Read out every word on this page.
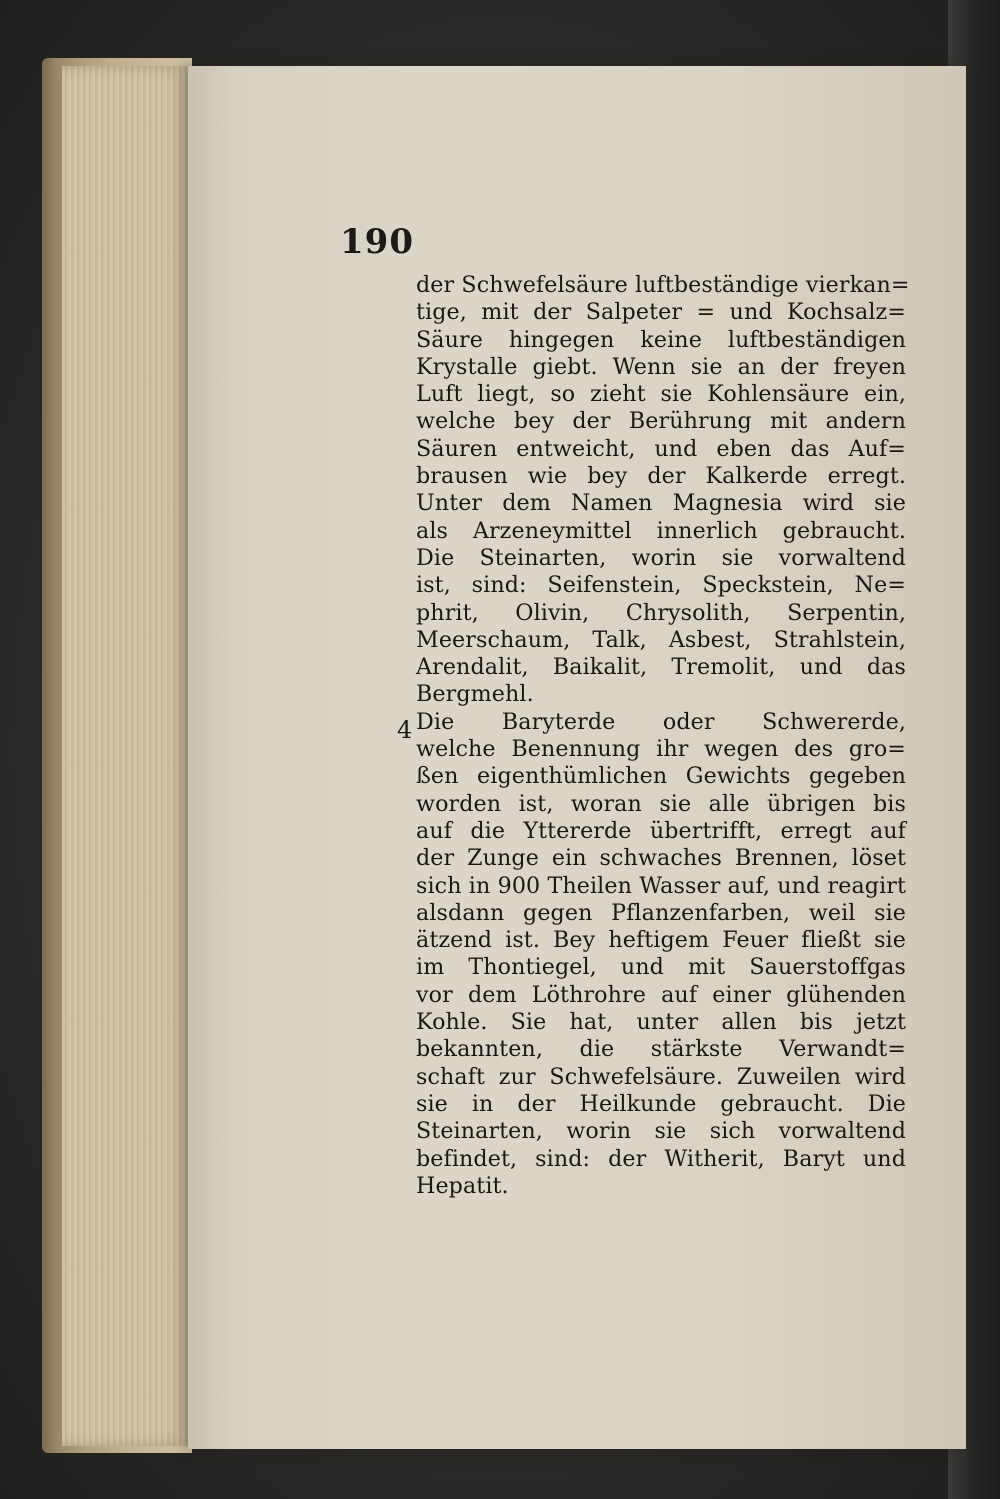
190
4
der Schwefelsäure luftbeständige vierkan=
tige, mit der Salpeter = und Kochsalz=
Säure hingegen keine luftbeständigen
Krystalle giebt. Wenn sie an der freyen
Luft liegt, so zieht sie Kohlensäure ein,
welche bey der Berührung mit andern
Säuren entweicht, und eben das Auf=
brausen wie bey der Kalkerde erregt.
Unter dem Namen Magnesia wird sie
als Arzeneymittel innerlich gebraucht.
Die Steinarten, worin sie vorwaltend
ist, sind: Seifenstein, Speckstein, Ne=
phrit, Olivin, Chrysolith, Serpentin,
Meerschaum, Talk, Asbest, Strahlstein,
Arendalit, Baikalit, Tremolit, und das
Bergmehl.
Die Baryterde oder Schwererde,
welche Benennung ihr wegen des gro=
ßen eigenthümlichen Gewichts gegeben
worden ist, woran sie alle übrigen bis
auf die Yttererde übertrifft, erregt auf
der Zunge ein schwaches Brennen, löset
sich in 900 Theilen Wasser auf, und reagirt
alsdann gegen Pflanzenfarben, weil sie
ätzend ist. Bey heftigem Feuer fließt sie
im Thontiegel, und mit Sauerstoffgas
vor dem Löthrohre auf einer glühenden
Kohle. Sie hat, unter allen bis jetzt
bekannten, die stärkste Verwandt=
schaft zur Schwefelsäure. Zuweilen wird
sie in der Heilkunde gebraucht. Die
Steinarten, worin sie sich vorwaltend
befindet, sind: der Witherit, Baryt und
Hepatit.
